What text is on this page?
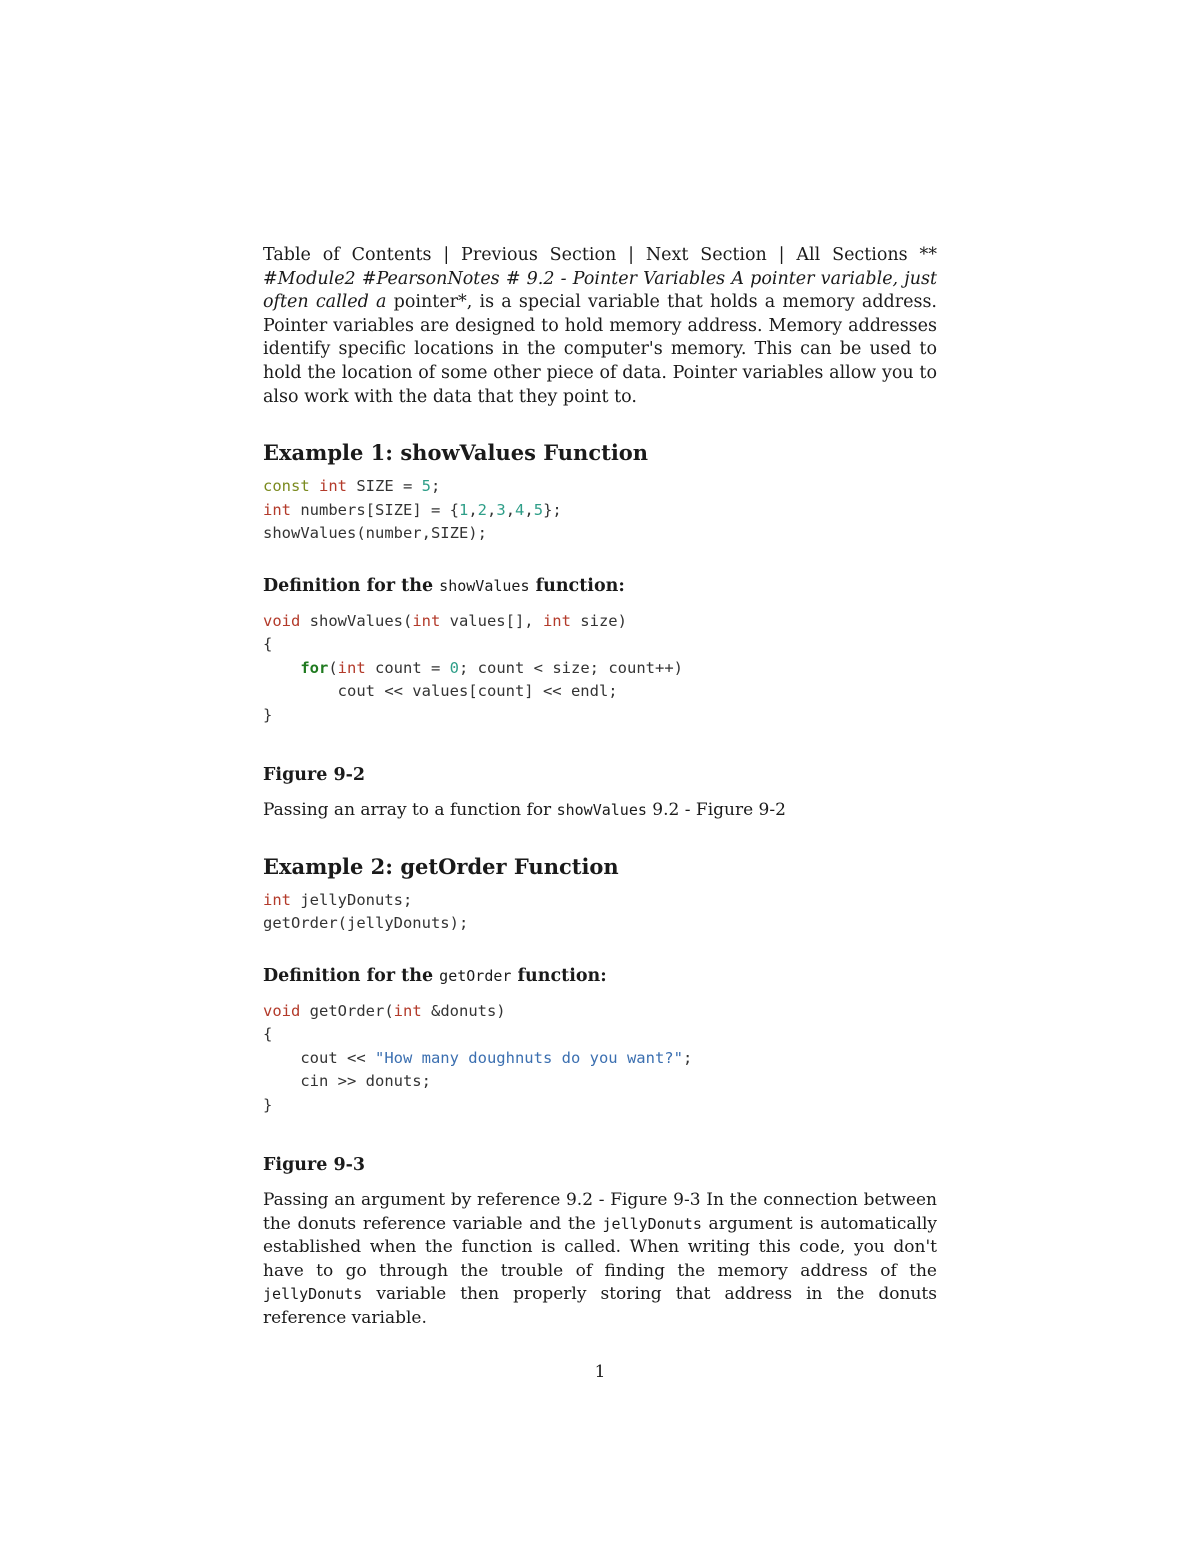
Table of Contents | Previous Section | Next Section | All Sections ** #Module2 #PearsonNotes # 9.2 - Pointer Variables A pointer variable, just often called a pointer*, is a special variable that holds a memory address. Pointer variables are designed to hold memory address. Memory addresses identify specific locations in the computer's memory. This can be used to hold the location of some other piece of data. Pointer variables allow you to also work with the data that they point to.

Example 1: showValues Function
const int SIZE = 5;
int numbers[SIZE] = {1,2,3,4,5};
showValues(number,SIZE);
Definition for the showValues function:
void showValues(int values[], int size)
{
for(int count = 0; count < size; count++)
cout << values[count] << endl;
}
Figure 9-2

Passing an array to a function for showValues 9.2 - Figure 9-2

Example 2: getOrder Function
int jellyDonuts;
getOrder(jellyDonuts);
Definition for the getOrder function:
void getOrder(int &donuts)
{
cout << "How many doughnuts do you want?";
cin >> donuts;
}
Figure 9-3

Passing an argument by reference 9.2 - Figure 9-3 In the connection between the donuts reference variable and the jellyDonuts argument is automatically established when the function is called. When writing this code, you don't have to go through the trouble of finding the memory address of the jellyDonuts variable then properly storing that address in the donuts reference variable.

1
